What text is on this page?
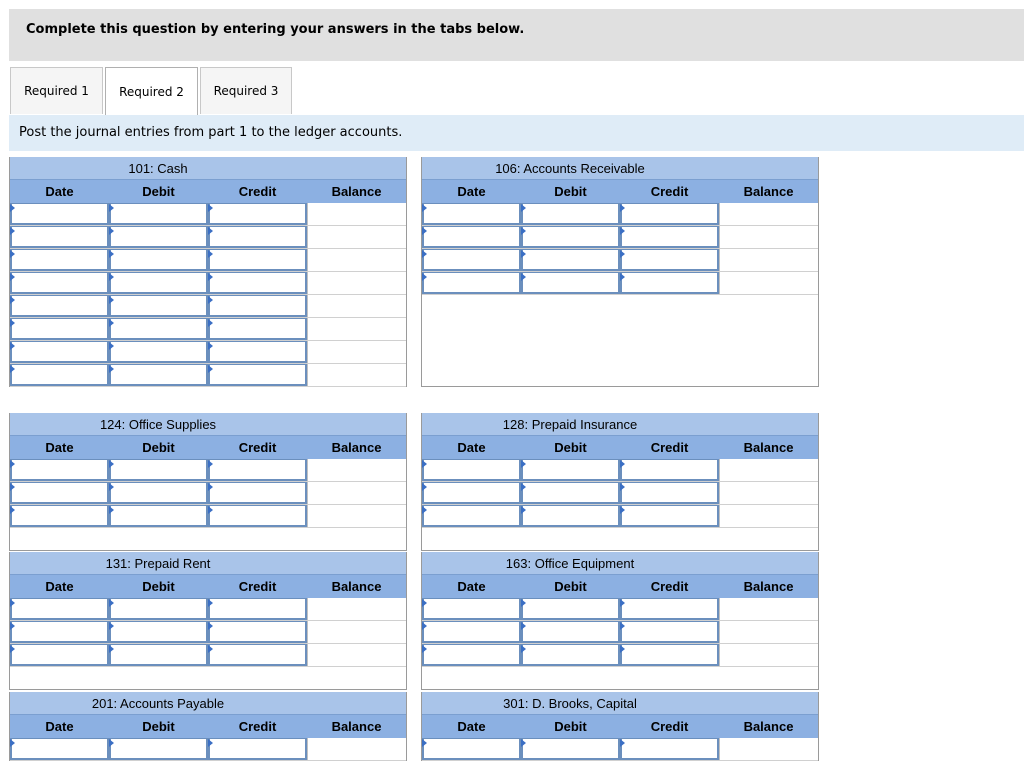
Complete this question by entering your answers in the tabs below.
Required 1	Required 2	Required 3
Post the journal entries from part 1 to the ledger accounts.
101: Cash
Date	Debit	Credit	Balance
106: Accounts Receivable
Date	Debit	Credit	Balance
124: Office Supplies
Date	Debit	Credit	Balance
128: Prepaid Insurance
Date	Debit	Credit	Balance
131: Prepaid Rent
Date	Debit	Credit	Balance
163: Office Equipment
Date	Debit	Credit	Balance
201: Accounts Payable
Date	Debit	Credit	Balance
301: D. Brooks, Capital
Date	Debit	Credit	Balance
